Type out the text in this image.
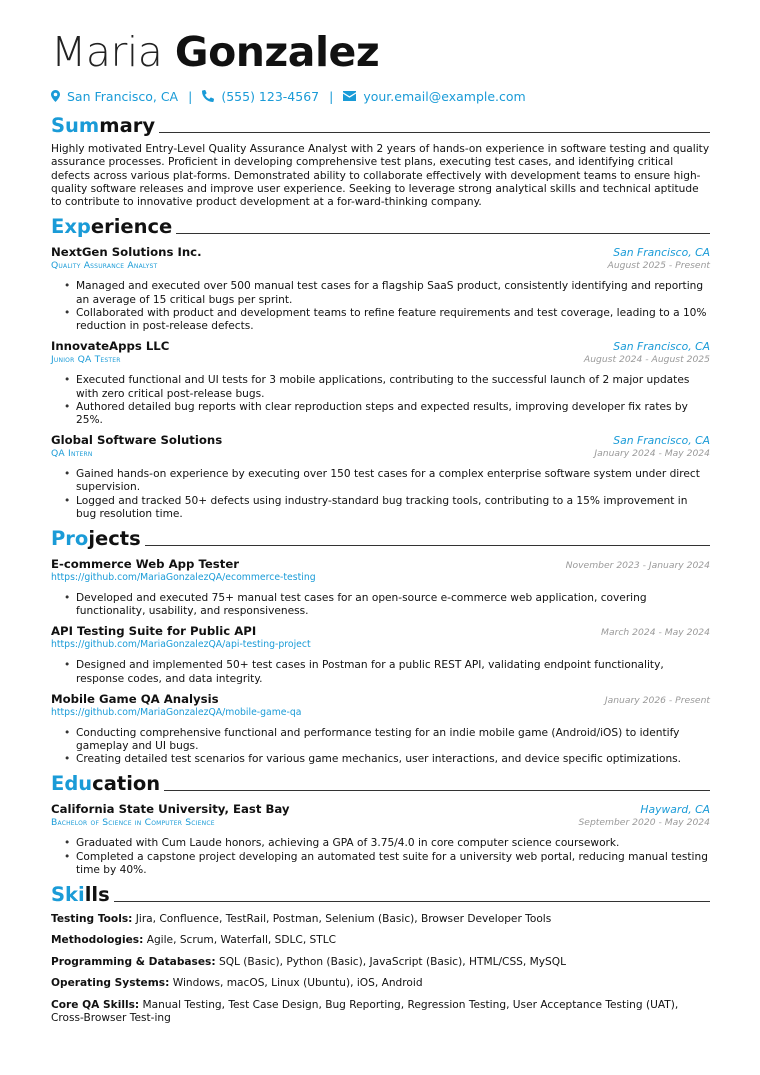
Maria Gonzalez
San Francisco, CA | (555) 123-4567 | your.email@example.com
Summary

Highly motivated Entry-Level Quality Assurance Analyst with 2 years of hands-on experience in software testing and quality assurance processes. Proficient in developing comprehensive test plans, executing test cases, and identifying critical defects across various plat-forms. Demonstrated ability to collaborate effectively with development teams to ensure high-quality software releases and improve user experience. Seeking to leverage strong analytical skills and technical aptitude to contribute to innovative product development at a for-ward-thinking company.

Experience
NextGen Solutions Inc.	San Francisco, CA
Quality Assurance Analyst	August 2025 - Present
• Managed and executed over 500 manual test cases for a flagship SaaS product, consistently identifying and reporting an average of 15 critical bugs per sprint.
• Collaborated with product and development teams to refine feature requirements and test coverage, leading to a 10% reduction in post-release defects.
InnovateApps LLC	San Francisco, CA
Junior QA Tester	August 2024 - August 2025
• Executed functional and UI tests for 3 mobile applications, contributing to the successful launch of 2 major updates with zero critical post-release bugs.
• Authored detailed bug reports with clear reproduction steps and expected results, improving developer fix rates by 25%.
Global Software Solutions	San Francisco, CA
QA Intern	January 2024 - May 2024
• Gained hands-on experience by executing over 150 test cases for a complex enterprise software system under direct supervision.
• Logged and tracked 50+ defects using industry-standard bug tracking tools, contributing to a 15% improvement in bug resolution time.
Projects
E-commerce Web App Tester	November 2023 - January 2024
https://github.com/MariaGonzalezQA/ecommerce-testing
• Developed and executed 75+ manual test cases for an open-source e-commerce web application, covering functionality, usability, and responsiveness.
API Testing Suite for Public API	March 2024 - May 2024
https://github.com/MariaGonzalezQA/api-testing-project
• Designed and implemented 50+ test cases in Postman for a public REST API, validating endpoint functionality, response codes, and data integrity.
Mobile Game QA Analysis	January 2026 - Present
https://github.com/MariaGonzalezQA/mobile-game-qa
• Conducting comprehensive functional and performance testing for an indie mobile game (Android/iOS) to identify gameplay and UI bugs.
• Creating detailed test scenarios for various game mechanics, user interactions, and device specific optimizations.
Education
California State University, East Bay	Hayward, CA
Bachelor of Science in Computer Science	September 2020 - May 2024
• Graduated with Cum Laude honors, achieving a GPA of 3.75/4.0 in core computer science coursework.
• Completed a capstone project developing an automated test suite for a university web portal, reducing manual testing time by 40%.
Skills
Testing Tools: Jira, Confluence, TestRail, Postman, Selenium (Basic), Browser Developer Tools
Methodologies: Agile, Scrum, Waterfall, SDLC, STLC
Programming & Databases: SQL (Basic), Python (Basic), JavaScript (Basic), HTML/CSS, MySQL
Operating Systems: Windows, macOS, Linux (Ubuntu), iOS, Android
Core QA Skills: Manual Testing, Test Case Design, Bug Reporting, Regression Testing, User Acceptance Testing (UAT), Cross-Browser Test-ing
